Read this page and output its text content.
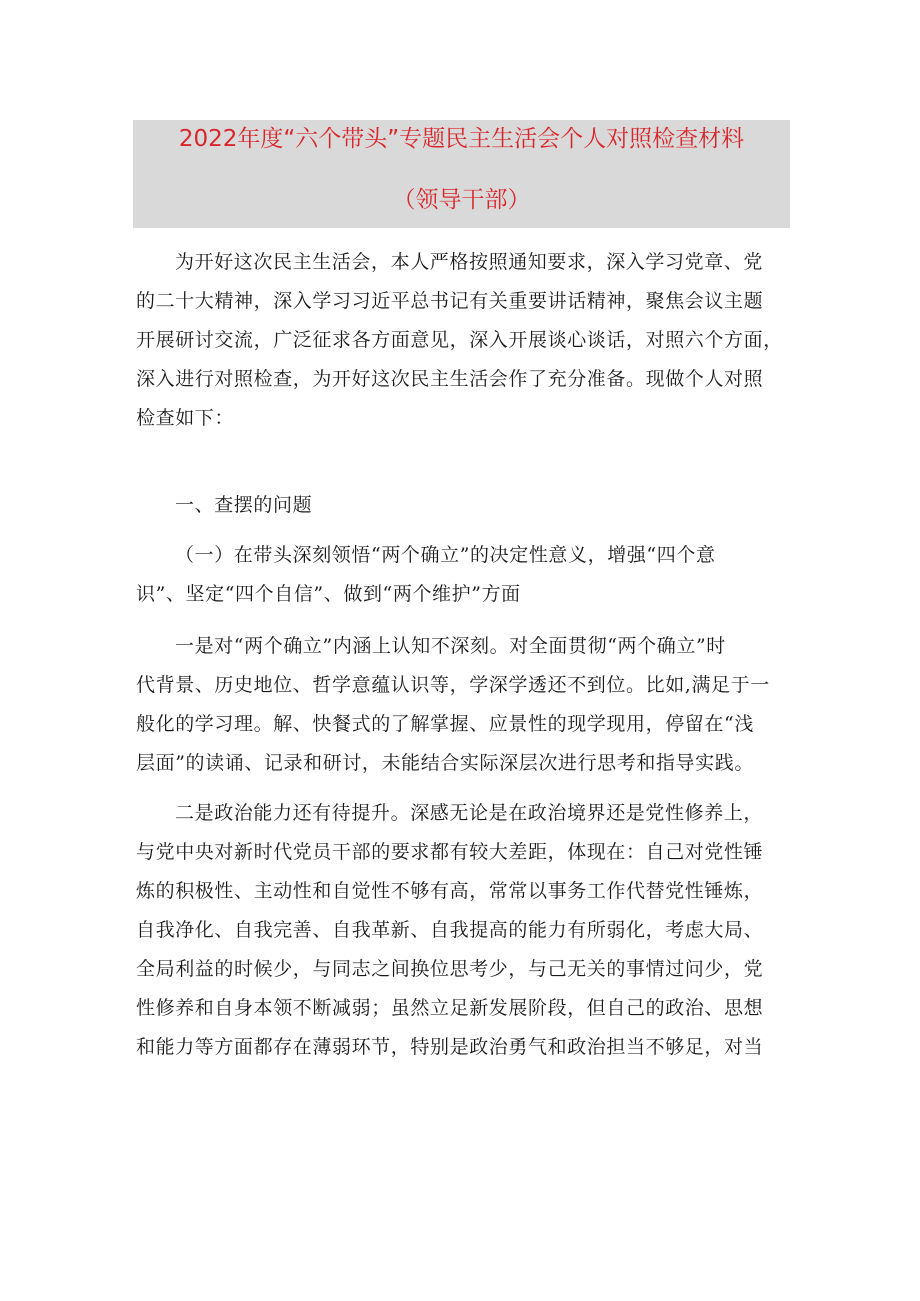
2022年度“六个带头”专题民主生活会个人对照检查材料
（领导干部）
为开好这次民主生活会，本人严格按照通知要求，深入学习党章、党
的二十大精神，深入学习习近平总书记有关重要讲话精神，聚焦会议主题
开展研讨交流，广泛征求各方面意见，深入开展谈心谈话，对照六个方面，
深入进行对照检查，为开好这次民主生活会作了充分准备。现做个人对照
检查如下：
一、查摆的问题
（一）在带头深刻领悟“两个确立”的决定性意义，增强“四个意
识”、坚定“四个自信”、做到“两个维护”方面
一是对“两个确立”内涵上认知不深刻。对全面贯彻“两个确立”时
代背景、历史地位、哲学意蕴认识等，学深学透还不到位。比如,满足于一
般化的学习理。解、快餐式的了解掌握、应景性的现学现用，停留在“浅
层面”的读诵、记录和研讨，未能结合实际深层次进行思考和指导实践。
二是政治能力还有待提升。深感无论是在政治境界还是党性修养上，
与党中央对新时代党员干部的要求都有较大差距，体现在：自己对党性锤
炼的积极性、主动性和自觉性不够有高，常常以事务工作代替党性锤炼，
自我净化、自我完善、自我革新、自我提高的能力有所弱化，考虑大局、
全局利益的时候少，与同志之间换位思考少，与己无关的事情过问少，党
性修养和自身本领不断减弱；虽然立足新发展阶段，但自己的政治、思想
和能力等方面都存在薄弱环节，特别是政治勇气和政治担当不够足，对当
